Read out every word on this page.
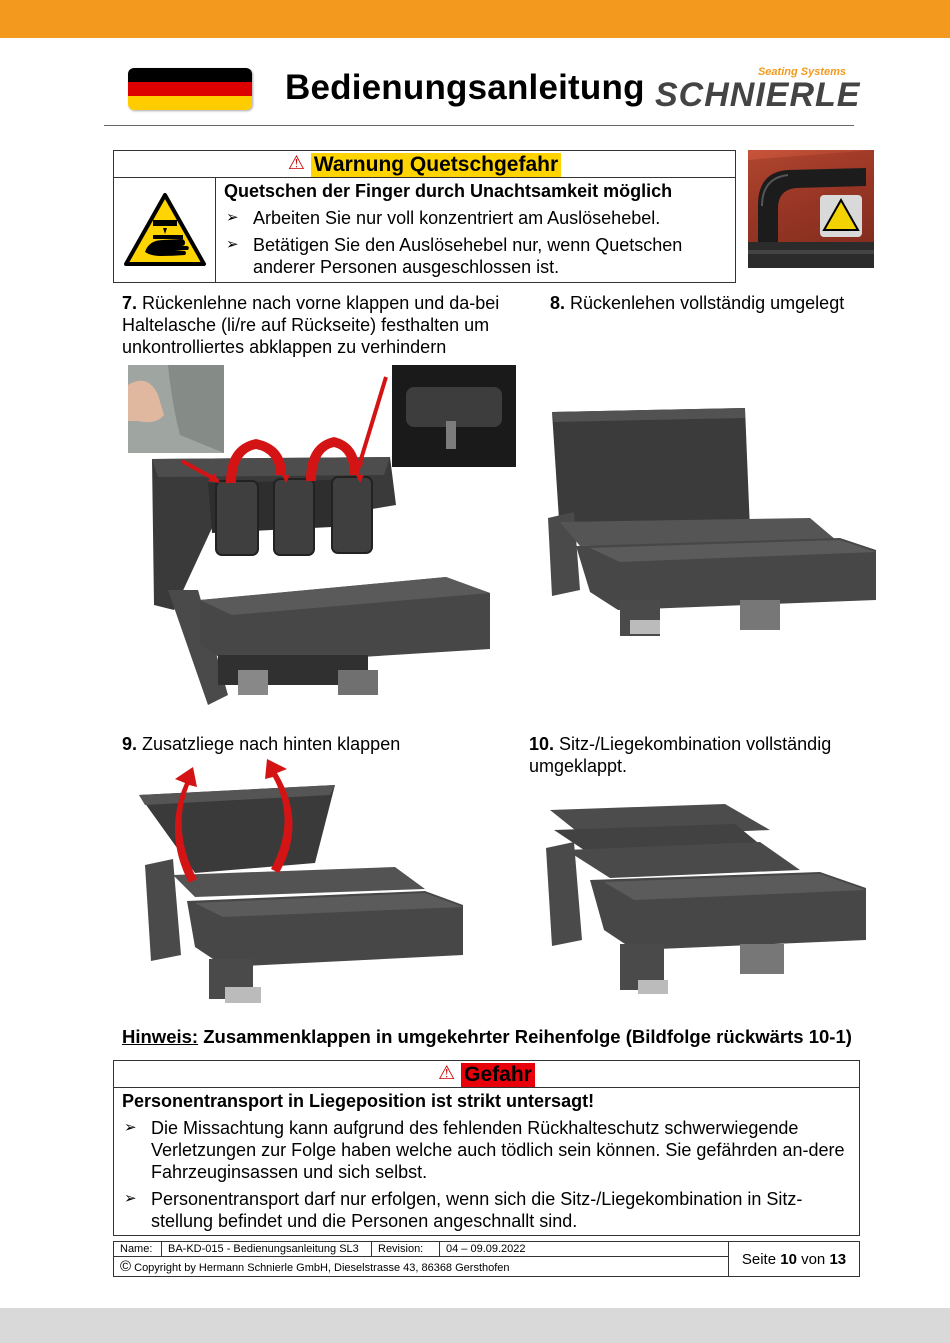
Bedienungsanleitung	Seating Systems
SCHNIERLE
⚠ Warnung Quetschgefahr

Quetschen der Finger durch Unachtsamkeit möglich
➢ Arbeiten Sie nur voll konzentriert am Auslösehebel.
➢ Betätigen Sie den Auslösehebel nur, wenn Quetschen anderer Personen ausgeschlossen ist.
7. Rückenlehne nach vorne klappen und da-bei Haltelasche (li/re auf Rückseite) festhalten um unkontrolliertes abklappen zu verhindern
8. Rückenlehen vollständig umgelegt
9. Zusatzliege nach hinten klappen	10. Sitz-/Liegekombination vollständig umgeklappt.
Hinweis: Zusammenklappen in umgekehrter Reihenfolge (Bildfolge rückwärts 10-1)
⚠ Gefahr

Personentransport in Liegeposition ist strikt untersagt!
➢ Die Missachtung kann aufgrund des fehlenden Rückhalteschutz schwerwiegende Verletzungen zur Folge haben welche auch tödlich sein können. Sie gefährden an-dere Fahrzeuginsassen und sich selbst.
➢ Personentransport darf nur erfolgen, wenn sich die Sitz-/Liegekombination in Sitz-stellung befindet und die Personen angeschnallt sind.
Name:	BA-KD-015 - Bedienungsanleitung SL3	Revision:	04 – 09.09.2022	Seite 10 von 13
© Copyright by Hermann Schnierle GmbH, Dieselstrasse 43, 86368 Gersthofen
